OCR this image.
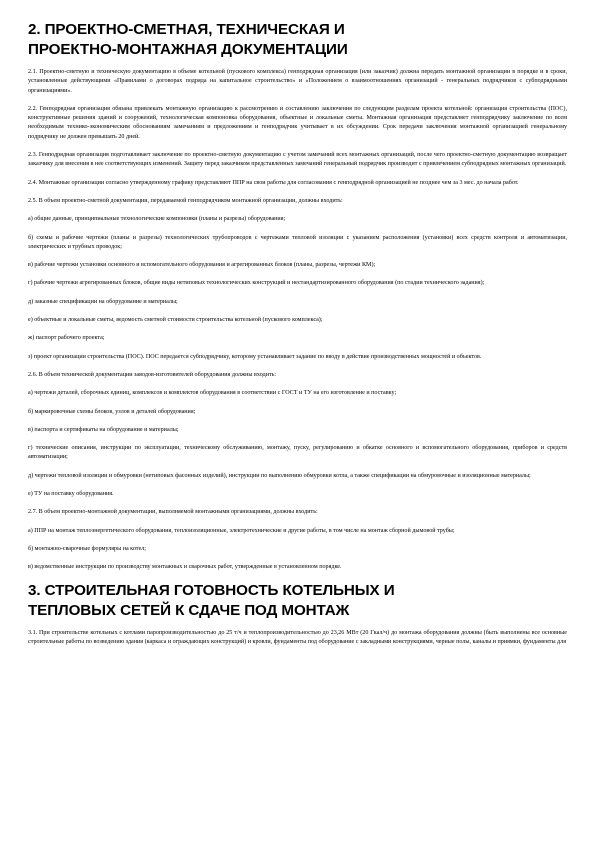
2. ПРОЕКТНО-СМЕТНАЯ, ТЕХНИЧЕСКАЯ И
ПРОЕКТНО-МОНТАЖНАЯ ДОКУМЕНТАЦИИ

2.1. Проектно-сметную и техническую документацию в объеме котельной (пускового комплекса) генподрядная организация (или заказчик) должна передать монтажной организации в порядке и в сроки, установленные действующими «Правилами о договорах подряда на капитальное строительство» и «Положением о взаимоотношениях организаций - генеральных подрядчиков с субподрядными организациями».

2.2. Генподрядная организация обязана привлекать монтажную организацию к рассмотрению и составлению заключения по следующим разделам проекта котельной: организация строительства (ПОС), конструктивные решения зданий и сооружений, технологическая компоновка оборудования, объектные и локальные сметы. Монтажная организация представляет генподрядчику заключение по всем необходимым технико-экономическим обоснованиям замечаниям и предложениям и генподрядчик учитывает в их обсуждении. Срок передачи заключения монтажной организацией генеральному подрядчику не должен превышать 20 дней.

2.3. Генподрядная организация подготавливает заключение по проектно-сметную документацию с учетом замечаний всех монтажных организаций, после чего проектно-сметную документацию возвращает заказчику для внесения в нее соответствующих изменений. Защиту перед заказчиком представленных замечаний генеральный подрядчик производит с привлечением субподрядных монтажных организаций.

2.4. Монтажные организации согласно утвержденному графику представляют ППР на свои работы для согласования с генподрядной организацией не позднее чем за 3 мес. до начала работ.

2.5. В объем проектно-сметной документации, передаваемой генподрядчиком монтажной организации, должны входить:

а) общие данные, принципиальные технологические компоновки (планы и разрезы) оборудования;

б) схемы и рабочие чертежи (планы и разрезы) технологических трубопроводов с чертежами тепловой изоляции с указанием расположения (установки) всех средств контроля и автоматизации, электрических и трубных проводок;

в) рабочие чертежи установки основного и вспомогательного оборудования и агрегированных блоков (планы, разрезы, чертежи КМ);

г) рабочие чертежи агрегированных блоков, общие виды нетиповых технологических конструкций и нестандартизированного оборудования (по стадии технического задания);

д) заказные спецификации на оборудование и материалы;

е) объектные и локальные сметы, ведомость сметной стоимости строительства котельной (пускового комплекса);

ж) паспорт рабочего проекта;

з) проект организации строительства (ПОС). ПОС передается субподрядчику, которому устанавливает задание по вводу в действие производственных мощностей и объектов.

2.6. В объем технической документации заводов-изготовителей оборудования должны входить:

а) чертежи деталей, сборочных единиц, комплексов и комплектов оборудования в соответствии с ГОСТ и ТУ на его изготовление и поставку;

б) маркировочные схемы блоков, узлов и деталей оборудования;

в) паспорта и сертификаты на оборудование и материалы;

г) технические описания, инструкции по эксплуатации, техническому обслуживанию, монтажу, пуску, регулированию и обкатке основного и вспомогательного оборудования, приборов и средств автоматизации;

д) чертежи тепловой изоляции и обмуровки (нетиповых фасонных изделий), инструкции по выполнению обмуровки котла, а также спецификации на обмуровочные и изоляционные материалы;

е) ТУ на поставку оборудования.

2.7. В объем проектно-монтажной документации, выполняемой монтажными организациями, должны входить:

а) ППР на монтаж теплоэнергетического оборудования, теплоизоляционные, электротехнические и другие работы, в том числе на монтаж сборной дымовой трубы;

б) монтажно-сварочные формуляры на котел;

в) ведомственные инструкции по производству монтажных и сварочных работ, утвержденные в установленном порядке.

3. СТРОИТЕЛЬНАЯ ГОТОВНОСТЬ КОТЕЛЬНЫХ И
ТЕПЛОВЫХ СЕТЕЙ К СДАЧЕ ПОД МОНТАЖ

3.1. При строительстве котельных с котлами паропроизводительностью до 25 т/ч и теплопроизводительностью до 23,26 МВт (20 Гкал/ч) до монтажа оборудования должны (быть выполнены все основные строительные работы по возведению здания (каркаса и ограждающих конструкций) и кровли, фундаменты под оборудование с закладными конструкциями, черные полы, каналы и приямки, фундаменты для
